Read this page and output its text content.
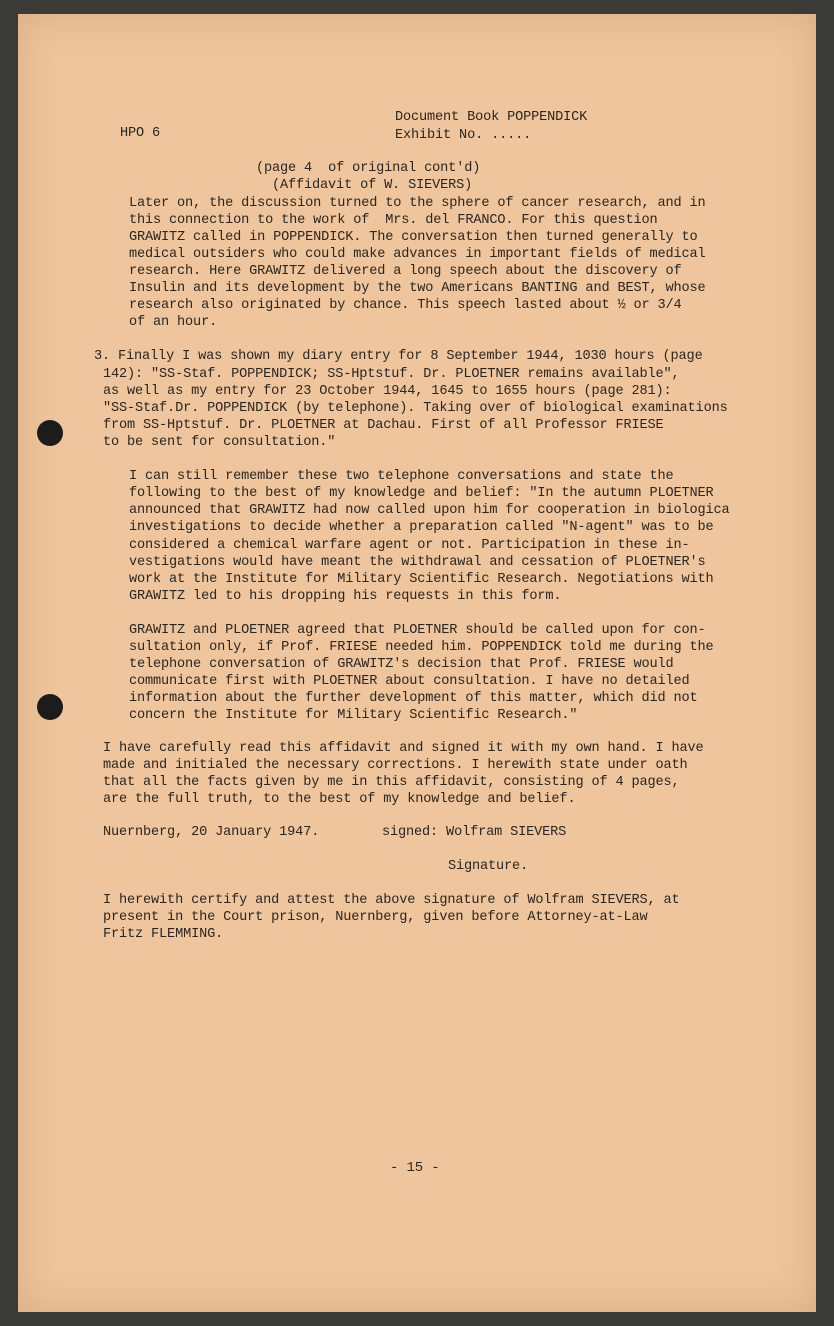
HPO 6
Document Book POPPENDICK
Exhibit No. .....
(page 4  of original cont'd)
(Affidavit of W. SIEVERS)
Later on, the discussion turned to the sphere of cancer research, and in
this connection to the work of  Mrs. del FRANCO. For this question
GRAWITZ called in POPPENDICK. The conversation then turned generally to
medical outsiders who could make advances in important fields of medical
research. Here GRAWITZ delivered a long speech about the discovery of
Insulin and its development by the two Americans BANTING and BEST, whose
research also originated by chance. This speech lasted about ½ or 3/4
of an hour.
3. Finally I was shown my diary entry for 8 September 1944, 1030 hours (page
142): "SS-Staf. POPPENDICK; SS-Hptstuf. Dr. PLOETNER remains available",
as well as my entry for 23 October 1944, 1645 to 1655 hours (page 281):
"SS-Staf.Dr. POPPENDICK (by telephone). Taking over of biological examinations
from SS-Hptstuf. Dr. PLOETNER at Dachau. First of all Professor FRIESE
to be sent for consultation."
I can still remember these two telephone conversations and state the
following to the best of my knowledge and belief: "In the autumn PLOETNER
announced that GRAWITZ had now called upon him for cooperation in biologica
investigations to decide whether a preparation called "N-agent" was to be
considered a chemical warfare agent or not. Participation in these in-
vestigations would have meant the withdrawal and cessation of PLOETNER's
work at the Institute for Military Scientific Research. Negotiations with
GRAWITZ led to his dropping his requests in this form.
GRAWITZ and PLOETNER agreed that PLOETNER should be called upon for con-
sultation only, if Prof. FRIESE needed him. POPPENDICK told me during the
telephone conversation of GRAWITZ's decision that Prof. FRIESE would
communicate first with PLOETNER about consultation. I have no detailed
information about the further development of this matter, which did not
concern the Institute for Military Scientific Research."
I have carefully read this affidavit and signed it with my own hand. I have
made and initialed the necessary corrections. I herewith state under oath
that all the facts given by me in this affidavit, consisting of 4 pages,
are the full truth, to the best of my knowledge and belief.
Nuernberg, 20 January 1947.	signed: Wolfram SIEVERS
Signature.
I herewith certify and attest the above signature of Wolfram SIEVERS, at
present in the Court prison, Nuernberg, given before Attorney-at-Law
Fritz FLEMMING.
- 15 -
